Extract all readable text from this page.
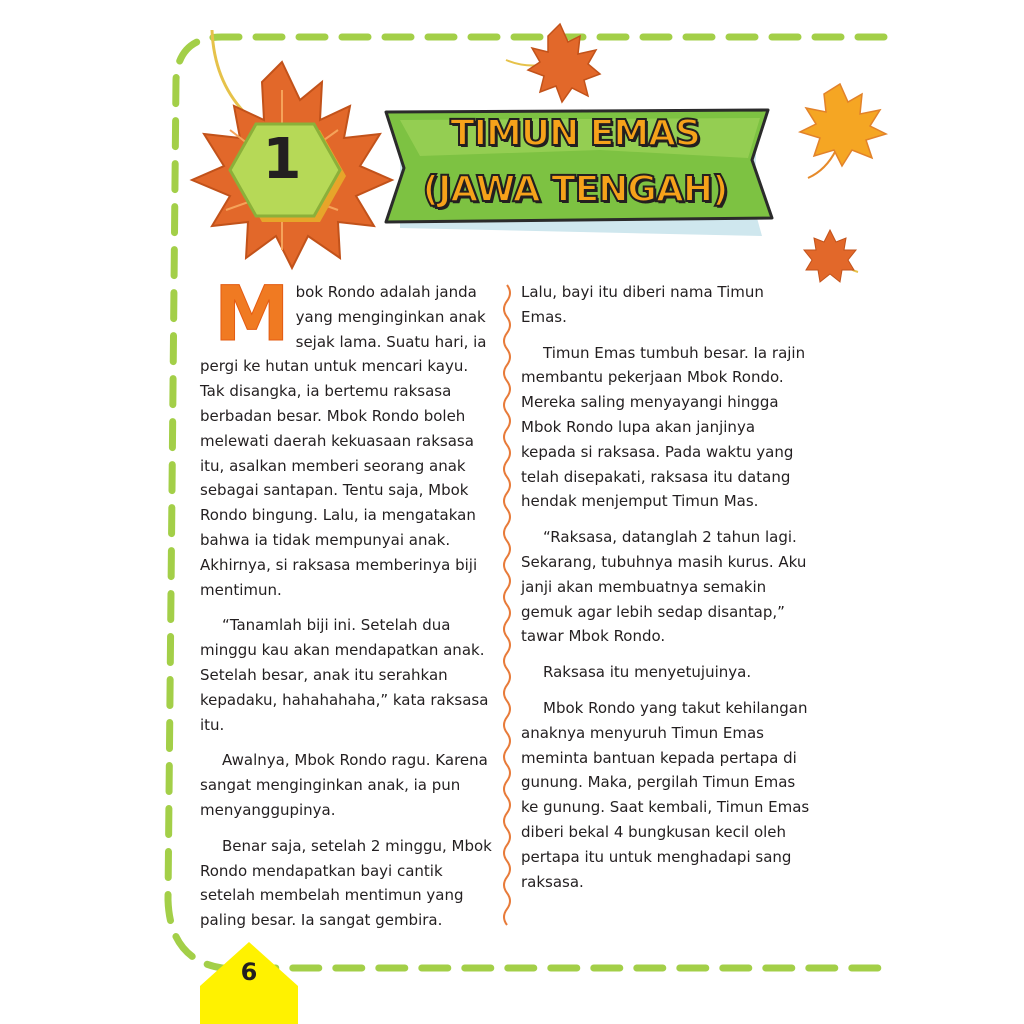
1	TIMUN EMAS
(JAWA TENGAH)

Mbok Rondo adalah janda yang menginginkan anak sejak lama. Suatu hari, ia pergi ke hutan untuk mencari kayu. Tak disangka, ia bertemu raksasa berbadan besar. Mbok Rondo boleh melewati daerah kekuasaan raksasa itu, asalkan memberi seorang anak sebagai santapan. Tentu saja, Mbok Rondo bingung. Lalu, ia mengatakan bahwa ia tidak mempunyai anak. Akhirnya, si raksasa memberinya biji mentimun.

“Tanamlah biji ini. Setelah dua minggu kau akan mendapatkan anak. Setelah besar, anak itu serahkan kepadaku, hahahahaha,” kata raksasa itu.

Awalnya, Mbok Rondo ragu. Karena sangat menginginkan anak, ia pun menyanggupinya.

Benar saja, setelah 2 minggu, Mbok Rondo mendapatkan bayi cantik setelah membelah mentimun yang paling besar. Ia sangat gembira.

Lalu, bayi itu diberi nama Timun Emas.

Timun Emas tumbuh besar. Ia rajin membantu pekerjaan Mbok Rondo. Mereka saling menyayangi hingga Mbok Rondo lupa akan janjinya kepada si raksasa. Pada waktu yang telah disepakati, raksasa itu datang hendak menjemput Timun Mas.

“Raksasa, datanglah 2 tahun lagi. Sekarang, tubuhnya masih kurus. Aku janji akan membuatnya semakin gemuk agar lebih sedap disantap,” tawar Mbok Rondo.

Raksasa itu menyetujuinya.

Mbok Rondo yang takut kehilangan anaknya menyuruh Timun Emas meminta bantuan kepada pertapa di gunung. Maka, pergilah Timun Emas ke gunung. Saat kembali, Timun Emas diberi bekal 4 bungkusan kecil oleh pertapa itu untuk menghadapi sang raksasa.

6
